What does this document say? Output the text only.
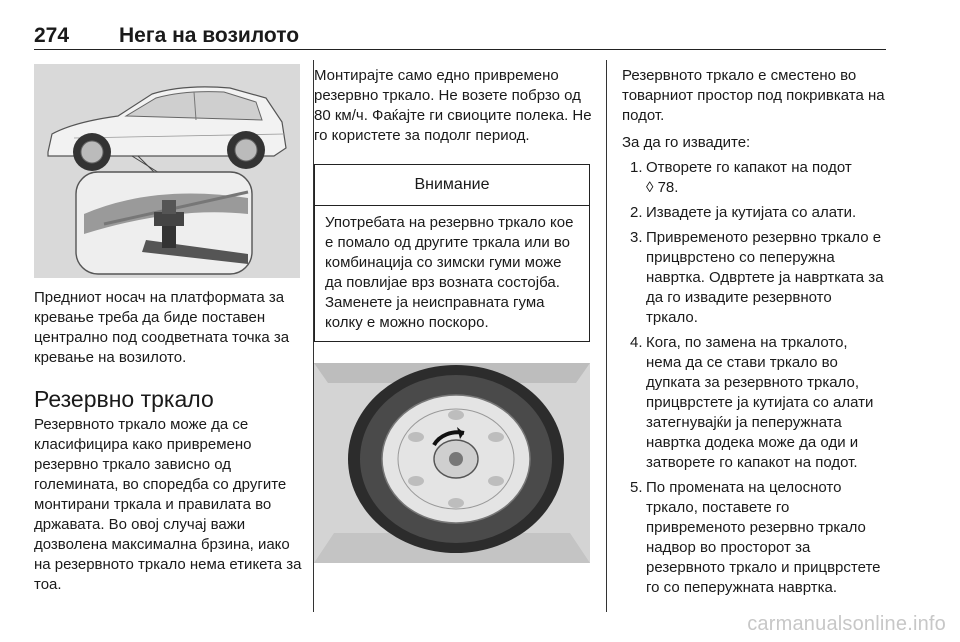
274 Нега на возилото

Предниот носач на платформата за кревање треба да биде поставен централно под соодветната точка за кревање на возилото.

Резервно тркало

Резервното тркало може да се класифицира како привремено резервно тркало зависно од големината, во споредба со другите монтирани тркала и правилата во државата. Во овој случај важи дозволена максимална брзина, иако на резервното тркало нема етикета за тоа.

Монтирајте само едно привремено резервно тркало. Не возете побрзо од 80 км/ч. Фаќајте ги свиоците полека. Не го користете за подолг период.

Внимание
Употребата на резервно тркало кое е помало од другите тркала или во комбинација со зимски гуми може да повлијае врз возната состојба. Заменете ја неисправната гума колку е можно поскоро.

Резервното тркало е сместено во товарниот простор под покривката на подот.

За да го извадите:

1. Отворете го капакот на подот
◊ 78.
2. Извадете ја кутијата со алати.
3. Привременото резервно тркало е прицврстено со пеперужна навртка. Одвртете ја навртката за да го извадите резервното тркало.
4. Кога, по замена на тркалото, нема да се стави тркало во дупката за резервното тркало, прицврстете ја кутијата со алати затегнувајќи ја пеперужната навртка додека може да оди и затворете го капакот на подот.
5. По промената на целосното тркало, поставете го привременото резервно тркало надвор во просторот за резервното тркало и прицврстете го со пеперужната навртка.
carmanualsonline.info
